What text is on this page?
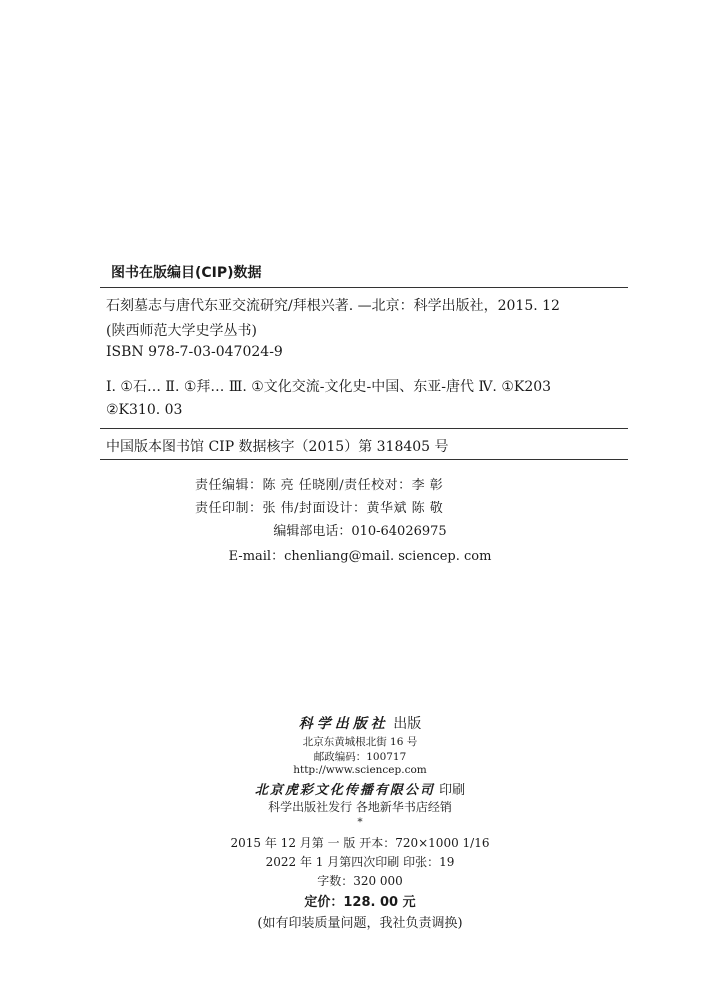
图书在版编目(CIP)数据
石刻墓志与唐代东亚交流研究/拜根兴著. —北京：科学出版社，2015. 12
(陕西师范大学史学丛书)
ISBN 978-7-03-047024-9
Ⅰ. ①石… Ⅱ. ①拜… Ⅲ. ①文化交流-文化史-中国、东亚-唐代 Ⅳ. ①K203
②K310. 03
中国版本图书馆 CIP 数据核字（2015）第 318405 号
责任编辑：陈 亮 任晓刚/责任校对：李 彰
责任印制：张 伟/封面设计：黄华斌 陈 敬
编辑部电话：010-64026975
E-mail：chenliang@mail. sciencep. com
科学出版社 出版
北京东黄城根北街 16 号
邮政编码：100717
http://www.sciencep.com
北京虎彩文化传播有限公司 印刷
科学出版社发行 各地新华书店经销
*
2015 年 12 月第 一 版 开本：720×1000 1/16
2022 年 1 月第四次印刷 印张：19
字数：320 000
定价：128. 00 元
(如有印装质量问题，我社负责调换)
